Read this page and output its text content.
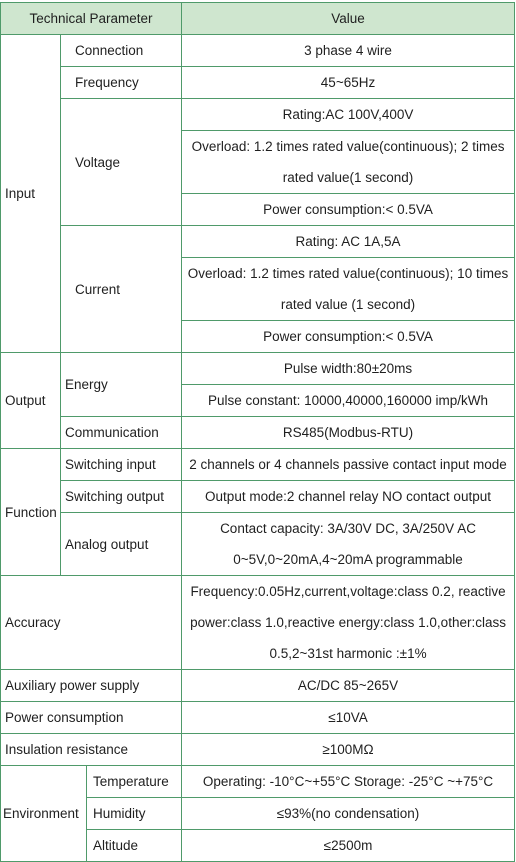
Technical Parameter			Value
Input	Connection		3 phase 4 wire
	Frequency		45~65Hz
	Voltage		Rating:AC 100V,400V
			Overload: 1.2 times rated value(continuous); 2 times rated value(1 second)

			Power consumption:< 0.5VA
	Current		Rating: AC 1A,5A
			Overload: 1.2 times rated value(continuous); 10 times rated value (1 second)

			Power consumption:< 0.5VA
Output	Energy		Pulse width:80±20ms
			Pulse constant: 10000,40000,160000 imp/kWh
	Communication		RS485(Modbus-RTU)
Function	Switching input		2 channels or 4 channels passive contact input mode
	Switching output		Output mode:2 channel relay NO contact output
	Analog output		Contact capacity: 3A/30V DC, 3A/250V AC
			0~5V,0~20mA,4~20mA programmable
Accuracy			Frequency:0.05Hz,current,voltage:class 0.2, reactive power:class 1.0,reactive energy:class 1.0,other:class 0.5,2~31st harmonic :±1%
Auxiliary power supply			AC/DC 85~265V
Power consumption			≤10VA
Insulation resistance			≥100MΩ
Environment		Temperature	Operating: -10°C~+55°C Storage: -25°C ~+75°C
		Humidity	≤93%(no condensation)
		Altitude	≤2500m
